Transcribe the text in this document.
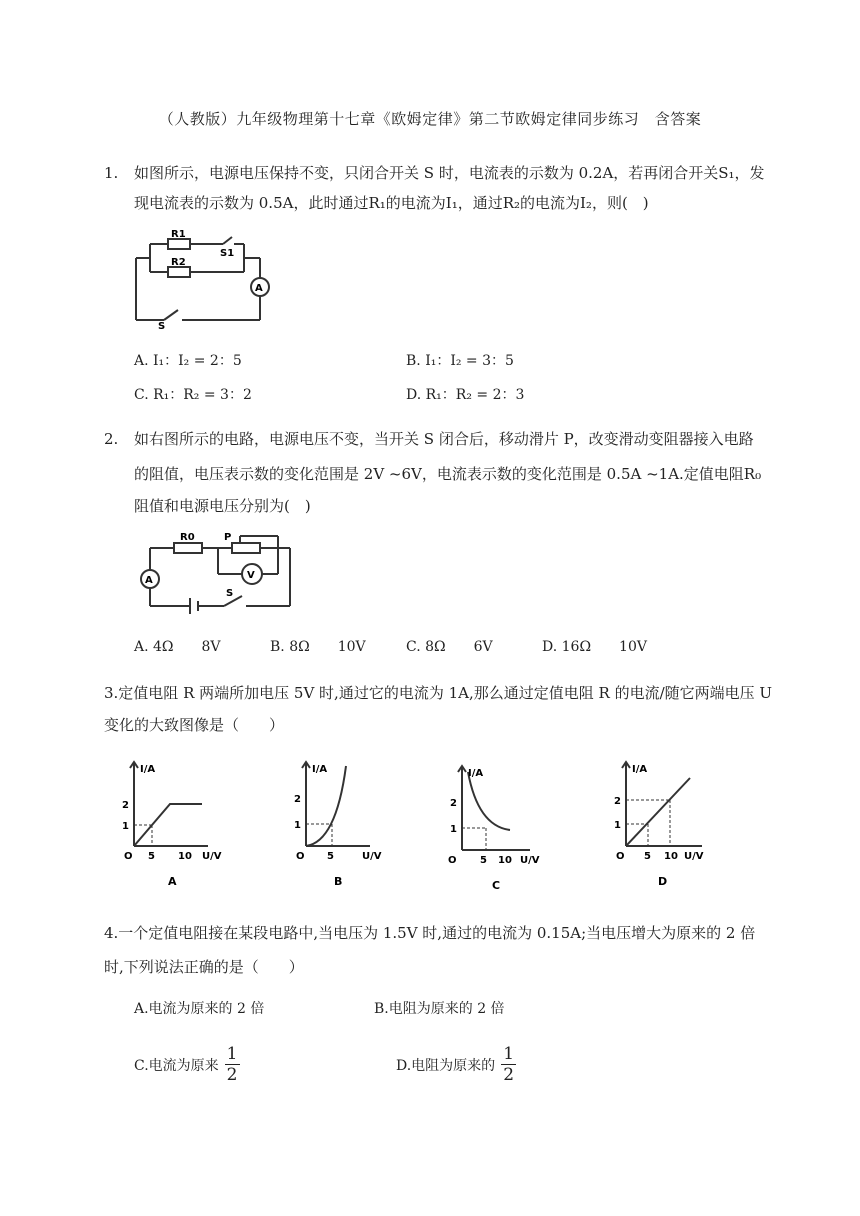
（人教版）九年级物理第十七章《欧姆定律》第二节欧姆定律同步练习　含答案
1.	如图所示，电源电压保持不变，只闭合开关 S 时，电流表的示数为 0.2A，若再闭合开关S₁，发
现电流表的示数为 0.5A，此时通过R₁的电流为I₁，通过R₂的电流为I₂，则(　)
R1
S1
R2
A
S
A. I₁：I₂ = 2：5	B. I₁：I₂ = 3：5
C. R₁：R₂ = 3：2	D. R₁：R₂ = 2：3
2.	如右图所示的电路，电源电压不变，当开关 S 闭合后，移动滑片 P，改变滑动变阻器接入电路
的阻值，电压表示数的变化范围是 2V ~6V，电流表示数的变化范围是 0.5A ~1A.定值电阻R₀
阻值和电源电压分别为(　)
R0	P
A	V
S
A. 4Ω　　8V	B. 8Ω　　10V	C. 8Ω　　6V	D. 16Ω　　10V
3.定值电阻 R 两端所加电压 5V 时,通过它的电流为 1A,那么通过定值电阻 R 的电流/随它两端电压 U
变化的大致图像是（　　）
I/A
2
1
O 5 10 U/V
A
I/A
2
1
O 5	U/V
B
I/A
2
1
O 5 10 U/V
C
I/A
2
1
O 5 10 U/V
D
4.一个定值电阻接在某段电路中,当电压为 1.5V 时,通过的电流为 0.15A;当电压增大为原来的 2 倍
时,下列说法正确的是（　　）
A.电流为原来的 2 倍	B.电阻为原来的 2 倍
C.电流为原来 $\frac{1}{2}$	D.电阻为原来的 $\frac{1}{2}$
